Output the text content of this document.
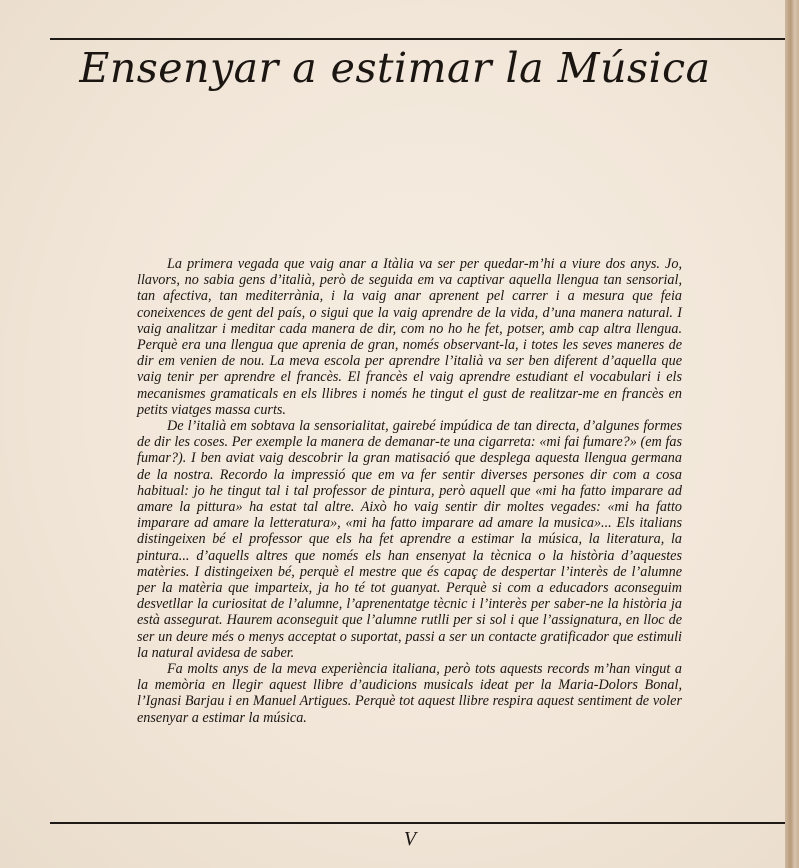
Ensenyar a estimar la Música

La primera vegada que vaig anar a Itàlia va ser per quedar-m’hi a viure dos anys. Jo, llavors, no sabia gens d’italià, però de seguida em va captivar aquella llengua tan sensorial, tan afectiva, tan mediterrània, i la vaig anar aprenent pel carrer i a mesura que feia coneixences de gent del país, o sigui que la vaig aprendre de la vida, d’una manera natural. I vaig analitzar i meditar cada manera de dir, com no ho he fet, potser, amb cap altra llengua. Perquè era una llengua que aprenia de gran, només observant-la, i totes les seves maneres de dir em venien de nou. La meva escola per aprendre l’italià va ser ben diferent d’aquella que vaig tenir per aprendre el francès. El francès el vaig aprendre estudiant el vocabulari i els mecanismes gramaticals en els llibres i només he tingut el gust de realitzar-me en francès en petits viatges massa curts.

De l’italià em sobtava la sensorialitat, gairebé impúdica de tan directa, d’algunes formes de dir les coses. Per exemple la manera de demanar-te una cigarreta: «mi fai fumare?» (em fas fumar?). I ben aviat vaig descobrir la gran matisació que desplega aquesta llengua germana de la nostra. Recordo la impressió que em va fer sentir diverses persones dir com a cosa habitual: jo he tingut tal i tal professor de pintura, però aquell que «mi ha fatto imparare ad amare la pittura» ha estat tal altre. Això ho vaig sentir dir moltes vegades: «mi ha fatto imparare ad amare la letteratura», «mi ha fatto imparare ad amare la musica»... Els italians distingeixen bé el professor que els ha fet aprendre a estimar la música, la literatura, la pintura... d’aquells altres que només els han ensenyat la tècnica o la història d’aquestes matèries. I distingeixen bé, perquè el mestre que és capaç de despertar l’interès de l’alumne per la matèria que imparteix, ja ho té tot guanyat. Perquè si com a educadors aconseguim desvetllar la curiositat de l’alumne, l’aprenentatge tècnic i l’interès per saber-ne la història ja està assegurat. Haurem aconseguit que l’alumne rutlli per si sol i que l’assignatura, en lloc de ser un deure més o menys acceptat o suportat, passi a ser un contacte gratificador que estimuli la natural avidesa de saber.

Fa molts anys de la meva experiència italiana, però tots aquests records m’han vingut a la memòria en llegir aquest llibre d’audicions musicals ideat per la Maria-Dolors Bonal, l’Ignasi Barjau i en Manuel Artigues. Perquè tot aquest llibre respira aquest sentiment de voler ensenyar a estimar la música.

V
